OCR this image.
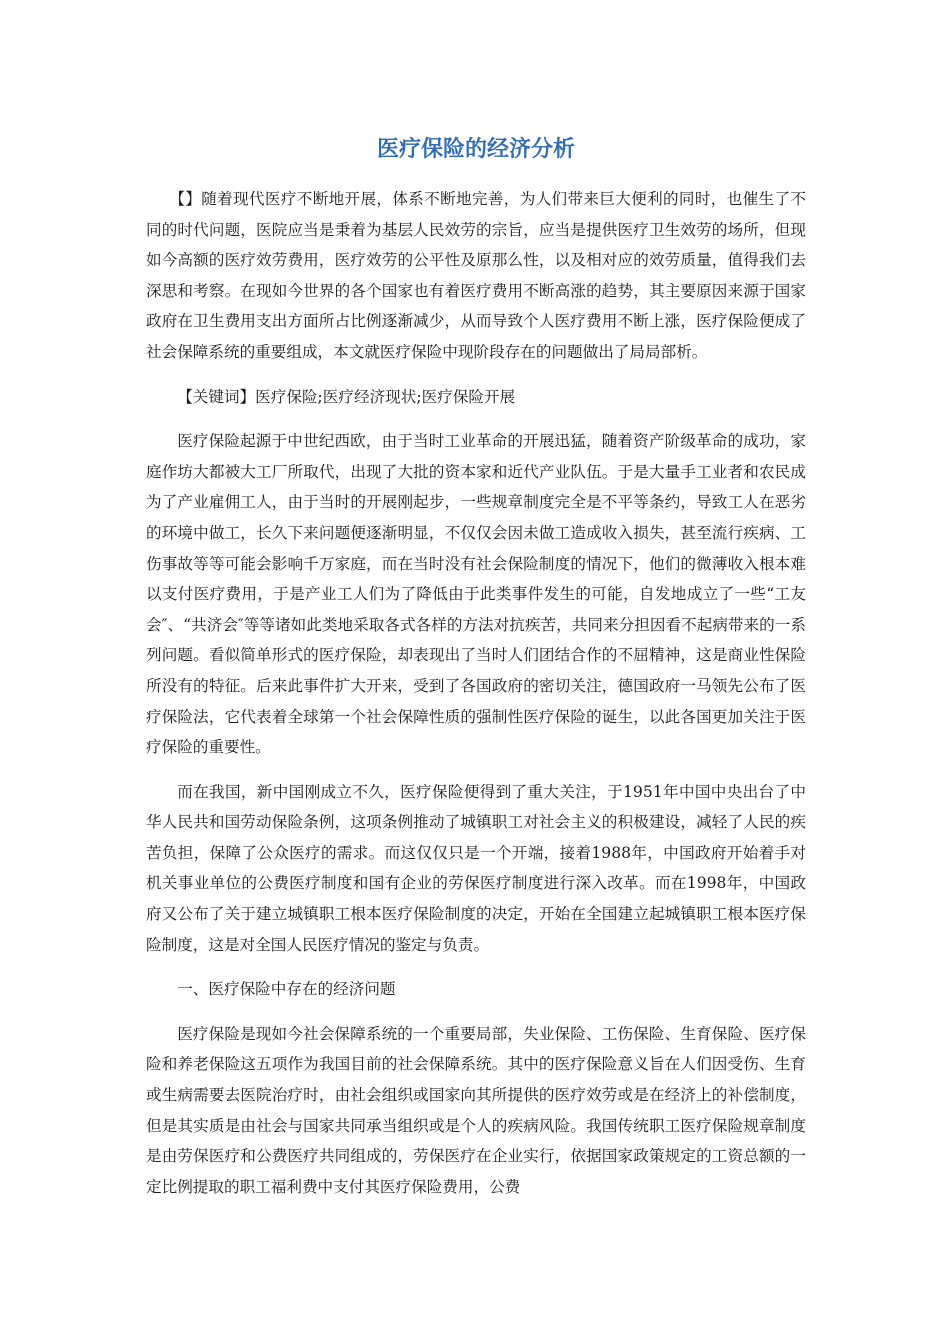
医疗保险的经济分析

【】随着现代医疗不断地开展，体系不断地完善，为人们带来巨大便利的同时，也催生了不同的时代问题，医院应当是秉着为基层人民效劳的宗旨，应当是提供医疗卫生效劳的场所，但现如今高额的医疗效劳费用，医疗效劳的公平性及原那么性，以及相对应的效劳质量，值得我们去深思和考察。在现如今世界的各个国家也有着医疗费用不断高涨的趋势，其主要原因来源于国家政府在卫生费用支出方面所占比例逐渐减少，从而导致个人医疗费用不断上涨，医疗保险便成了社会保障系统的重要组成，本文就医疗保险中现阶段存在的问题做出了局局部析。

【关键词】医疗保险;医疗经济现状;医疗保险开展

医疗保险起源于中世纪西欧，由于当时工业革命的开展迅猛，随着资产阶级革命的成功，家庭作坊大都被大工厂所取代，出现了大批的资本家和近代产业队伍。于是大量手工业者和农民成为了产业雇佣工人，由于当时的开展刚起步，一些规章制度完全是不平等条约，导致工人在恶劣的环境中做工，长久下来问题便逐渐明显，不仅仅会因未做工造成收入损失，甚至流行疾病、工伤事故等等可能会影响千万家庭，而在当时没有社会保险制度的情况下，他们的微薄收入根本难以支付医疗费用，于是产业工人们为了降低由于此类事件发生的可能，自发地成立了一些“工友会″、“共济会″等等诸如此类地采取各式各样的方法对抗疾苦，共同来分担因看不起病带来的一系列问题。看似简单形式的医疗保险，却表现出了当时人们团结合作的不屈精神，这是商业性保险所没有的特征。后来此事件扩大开来，受到了各国政府的密切关注，德国政府一马领先公布了医疗保险法，它代表着全球第一个社会保障性质的强制性医疗保险的诞生，以此各国更加关注于医疗保险的重要性。

而在我国，新中国刚成立不久，医疗保险便得到了重大关注，于1951年中国中央出台了中华人民共和国劳动保险条例，这项条例推动了城镇职工对社会主义的积极建设，减轻了人民的疾苦负担，保障了公众医疗的需求。而这仅仅只是一个开端，接着1988年，中国政府开始着手对机关事业单位的公费医疗制度和国有企业的劳保医疗制度进行深入改革。而在1998年，中国政府又公布了关于建立城镇职工根本医疗保险制度的决定，开始在全国建立起城镇职工根本医疗保险制度，这是对全国人民医疗情况的鉴定与负责。

一、医疗保险中存在的经济问题

医疗保险是现如今社会保障系统的一个重要局部，失业保险、工伤保险、生育保险、医疗保险和养老保险这五项作为我国目前的社会保障系统。其中的医疗保险意义旨在人们因受伤、生育或生病需要去医院治疗时，由社会组织或国家向其所提供的医疗效劳或是在经济上的补偿制度，但是其实质是由社会与国家共同承当组织或是个人的疾病风险。我国传统职工医疗保险规章制度是由劳保医疗和公费医疗共同组成的，劳保医疗在企业实行，依据国家政策规定的工资总额的一定比例提取的职工福利费中支付其医疗保险费用，公费
